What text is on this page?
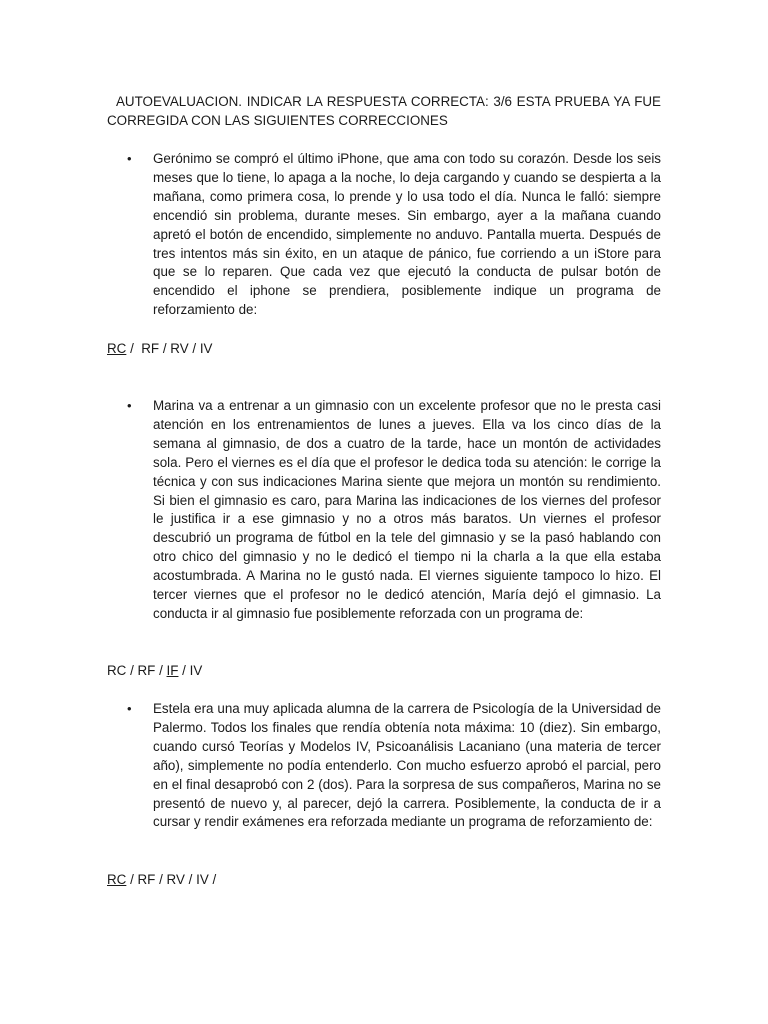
AUTOEVALUACION. INDICAR LA RESPUESTA CORRECTA: 3/6 ESTA PRUEBA YA FUE CORREGIDA CON LAS SIGUIENTES CORRECCIONES
• Gerónimo se compró el último iPhone, que ama con todo su corazón. Desde los seis meses que lo tiene, lo apaga a la noche, lo deja cargando y cuando se despierta a la mañana, como primera cosa, lo prende y lo usa todo el día. Nunca le falló: siempre encendió sin problema, durante meses. Sin embargo, ayer a la mañana cuando apretó el botón de encendido, simplemente no anduvo. Pantalla muerta. Después de tres intentos más sin éxito, en un ataque de pánico, fue corriendo a un iStore para que se lo reparen. Que cada vez que ejecutó la conducta de pulsar botón de encendido el iphone se prendiera, posiblemente indique un programa de reforzamiento de:
RC /  RF / RV / IV
• Marina va a entrenar a un gimnasio con un excelente profesor que no le presta casi atención en los entrenamientos de lunes a jueves. Ella va los cinco días de la semana al gimnasio, de dos a cuatro de la tarde, hace un montón de actividades sola. Pero el viernes es el día que el profesor le dedica toda su atención: le corrige la técnica y con sus indicaciones Marina siente que mejora un montón su rendimiento. Si bien el gimnasio es caro, para Marina las indicaciones de los viernes del profesor le justifica ir a ese gimnasio y no a otros más baratos. Un viernes el profesor descubrió un programa de fútbol en la tele del gimnasio y se la pasó hablando con otro chico del gimnasio y no le dedicó el tiempo ni la charla a la que ella estaba acostumbrada. A Marina no le gustó nada. El viernes siguiente tampoco lo hizo. El tercer viernes que el profesor no le dedicó atención, María dejó el gimnasio. La conducta ir al gimnasio fue posiblemente reforzada con un programa de:
RC / RF / IF / IV
• Estela era una muy aplicada alumna de la carrera de Psicología de la Universidad de Palermo. Todos los finales que rendía obtenía nota máxima: 10 (diez). Sin embargo, cuando cursó Teorías y Modelos IV, Psicoanálisis Lacaniano (una materia de tercer año), simplemente no podía entenderlo. Con mucho esfuerzo aprobó el parcial, pero en el final desaprobó con 2 (dos). Para la sorpresa de sus compañeros, Marina no se presentó de nuevo y, al parecer, dejó la carrera. Posiblemente, la conducta de ir a cursar y rendir exámenes era reforzada mediante un programa de reforzamiento de:
RC / RF / RV / IV /
